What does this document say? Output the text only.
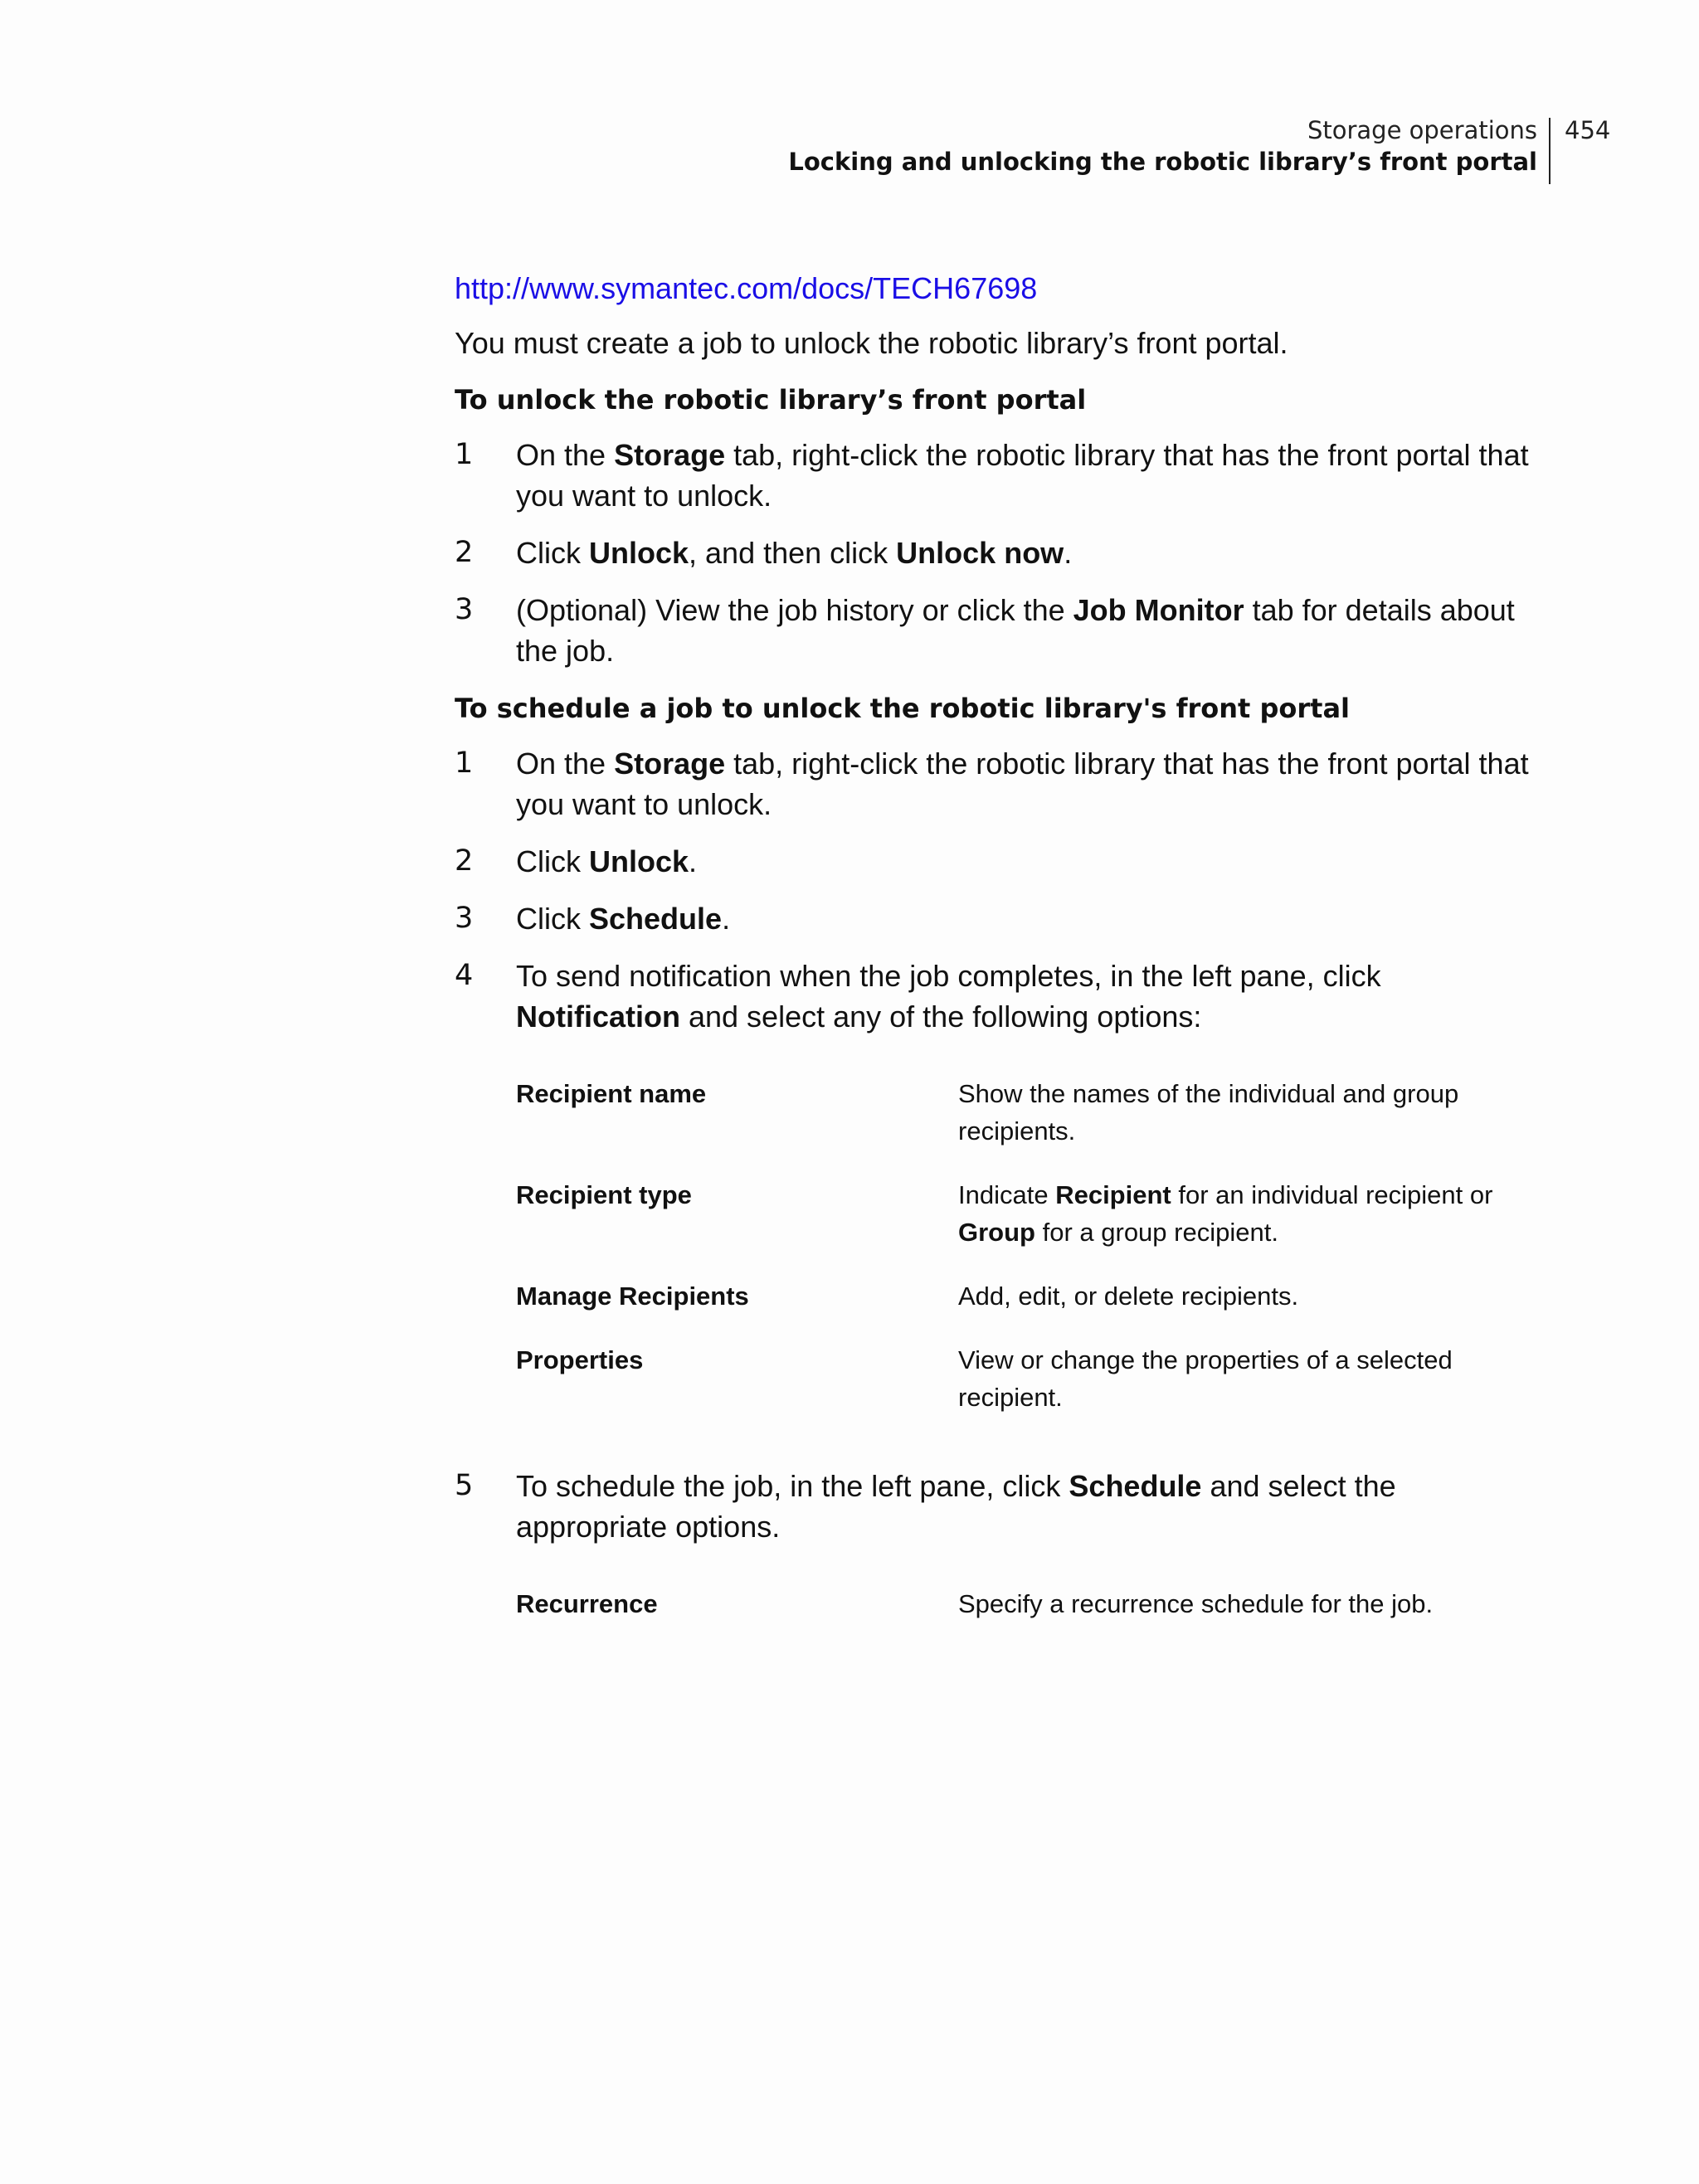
Storage operations
Locking and unlocking the robotic library’s front portal
454
http://www.symantec.com/docs/TECH67698
You must create a job to unlock the robotic library’s front portal.
To unlock the robotic library’s front portal
1 On the Storage tab, right-click the robotic library that has the front portal that you want to unlock.
2 Click Unlock, and then click Unlock now.
3 (Optional) View the job history or click the Job Monitor tab for details about the job.
To schedule a job to unlock the robotic library's front portal
1 On the Storage tab, right-click the robotic library that has the front portal that you want to unlock.
2 Click Unlock.
3 Click Schedule.
4 To send notification when the job completes, in the left pane, click Notification and select any of the following options:
Recipient name	Show the names of the individual and group recipients.
Recipient type	Indicate Recipient for an individual recipient or Group for a group recipient.
Manage Recipients	Add, edit, or delete recipients.
Properties	View or change the properties of a selected recipient.
5 To schedule the job, in the left pane, click Schedule and select the appropriate options.
Recurrence	Specify a recurrence schedule for the job.
